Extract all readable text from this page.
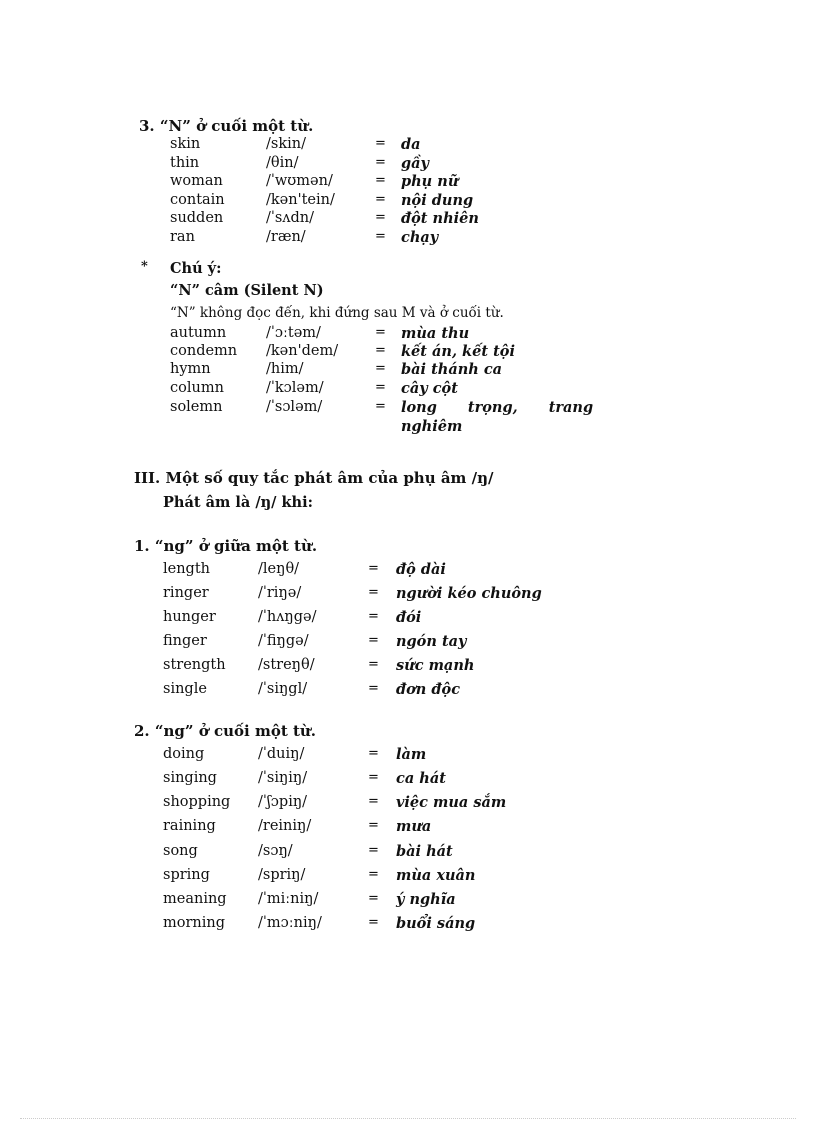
3. “N” ở cuối một từ.
skin	/skin/	= da
thin	/θin/	= gầy
woman	/ˈwʊmən/	= phụ nữ
contain	/kən'tein/	= nội dung
sudden	/ˈsʌdn/	= đột nhiên
ran	/ræn/	= chạy
* Chú ý:
“N” câm (Silent N)
“N” không đọc đến, khi đứng sau M và ở cuối từ.
autumn	/ˈɔːtəm/	= mùa thu
condemn /kən'dem/	= kết án, kết tội
hymn	/him/	= bài thánh ca
column	/ˈkɔləm/	= cây cột
solemn	/ˈsɔləm/	= long trọng, trang
nghiêm
III. Một số quy tắc phát âm của phụ âm /ŋ/
Phát âm là /ŋ/ khi:
1. “ng” ở giữa một từ.
length	/leŋθ/	= độ dài
ringer	/ˈriŋə/	= người kéo chuông
hunger	/ˈhʌŋgə/	= đói
finger	/ˈfiŋgə/	= ngón tay
strength /streŋθ/	= sức mạnh
single	/ˈsiŋgl/	= đơn độc
2. “ng” ở cuối một từ.
doing	/ˈduiŋ/	= làm
singing	/ˈsiŋiŋ/	= ca hát
shopping /ˈʃɔpiŋ/	= việc mua sắm
raining	/reiniŋ/	= mưa
song	/sɔŋ/	= bài hát
spring	/spriŋ/	= mùa xuân
meaning /ˈmiːniŋ/	= ý nghĩa
morning /ˈmɔːniŋ/	= buổi sáng
